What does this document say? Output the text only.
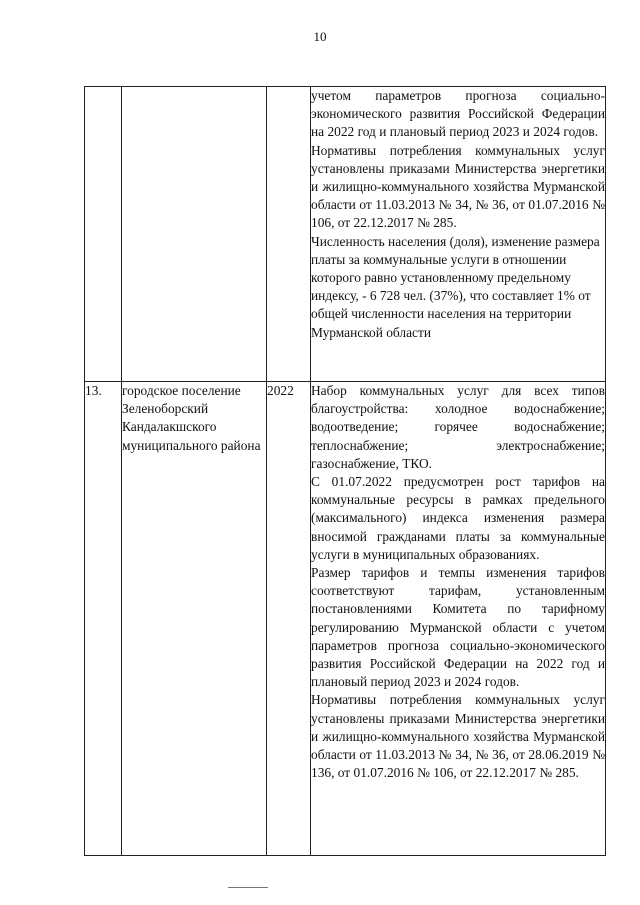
10

			учетом параметров прогноза социально-экономического развития Российской Федерации на 2022 год и плановый период 2023 и 2024 годов.

Нормативы потребления коммунальных услуг установлены приказами Министерства энергетики и жилищно-коммунального хозяйства Мурманской области от 11.03.2013 № 34, № 36, от 01.07.2016 № 106, от 22.12.2017 № 285.

Численность населения (доля), изменение размера платы за коммунальные услуги в отношении которого равно установленному предельному индексу, - 6 728 чел. (37%), что составляет 1% от общей численности населения на территории Мурманской области

13.	городское поселение Зеленоборский Кандалакшского муниципального района	2022	Набор коммунальных услуг для всех типов благоустройства: холодное водоснабжение; водоотведение; горячее водоснабжение; теплоснабжение; электроснабжение; газоснабжение, ТКО.

С 01.07.2022 предусмотрен рост тарифов на коммунальные ресурсы в рамках предельного (максимального) индекса изменения размера вносимой гражданами платы за коммунальные услуги в муниципальных образованиях.

Размер тарифов и темпы изменения тарифов соответствуют тарифам, установленным постановлениями Комитета по тарифному регулированию Мурманской области с учетом параметров прогноза социально-экономического развития Российской Федерации на 2022 год и плановый период 2023 и 2024 годов.

Нормативы потребления коммунальных услуг установлены приказами Министерства энергетики и жилищно-коммунального хозяйства Мурманской области от 11.03.2013 № 34, № 36, от 28.06.2019 № 136, от 01.07.2016 № 106, от 22.12.2017 № 285.
